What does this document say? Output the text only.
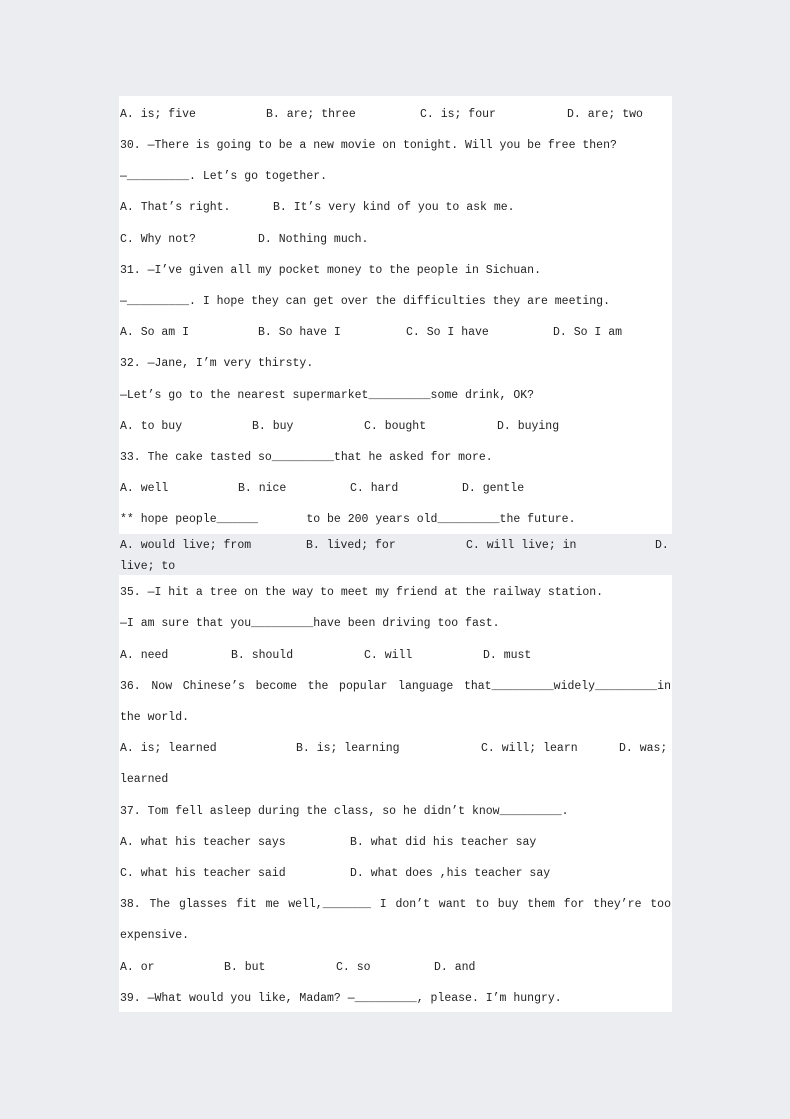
A. is; five	B. are; three	C. is; four	D. are; two
30. —There is going to be a new movie on tonight. Will you be free then?
—_________. Let’s go together.
A. That’s right.	B. It’s very kind of you to ask me.
C. Why not?	D. Nothing much.
31. —I’ve given all my pocket money to the people in Sichuan.
—_________. I hope they can get over the difficulties they are meeting.
A. So am I	B. So have I	C. So I have	D. So I am
32. —Jane, I’m very thirsty.
—Let’s go to the nearest supermarket_________some drink, OK?
A. to buy	B. buy	C. bought	D. buying
33. The cake tasted so_________that he asked for more.
A. well	B. nice	C. hard	D. gentle
** hope people______       to be 200 years old_________the future.
A. would live; from	B. lived; for	C. will live; in	D.
live; to
35. —I hit a tree on the way to meet my friend at the railway station.
—I am sure that you_________have been driving too fast.
A. need	B. should	C. will	D. must
36. Now Chinese’s become the popular language that_________widely_________in
the world.
A. is; learned	B. is; learning	C. will; learn	D. was;
learned
37. Tom fell asleep during the class, so he didn’t know_________.
A. what his teacher says	B. what did his teacher say
C. what his teacher said	D. what does ,his teacher say
38. The glasses fit me well,_______ I don’t want to buy them for they’re too
expensive.
A. or	B. but	C. so	D. and
39. —What would you like, Madam? —_________, please. I’m hungry.
